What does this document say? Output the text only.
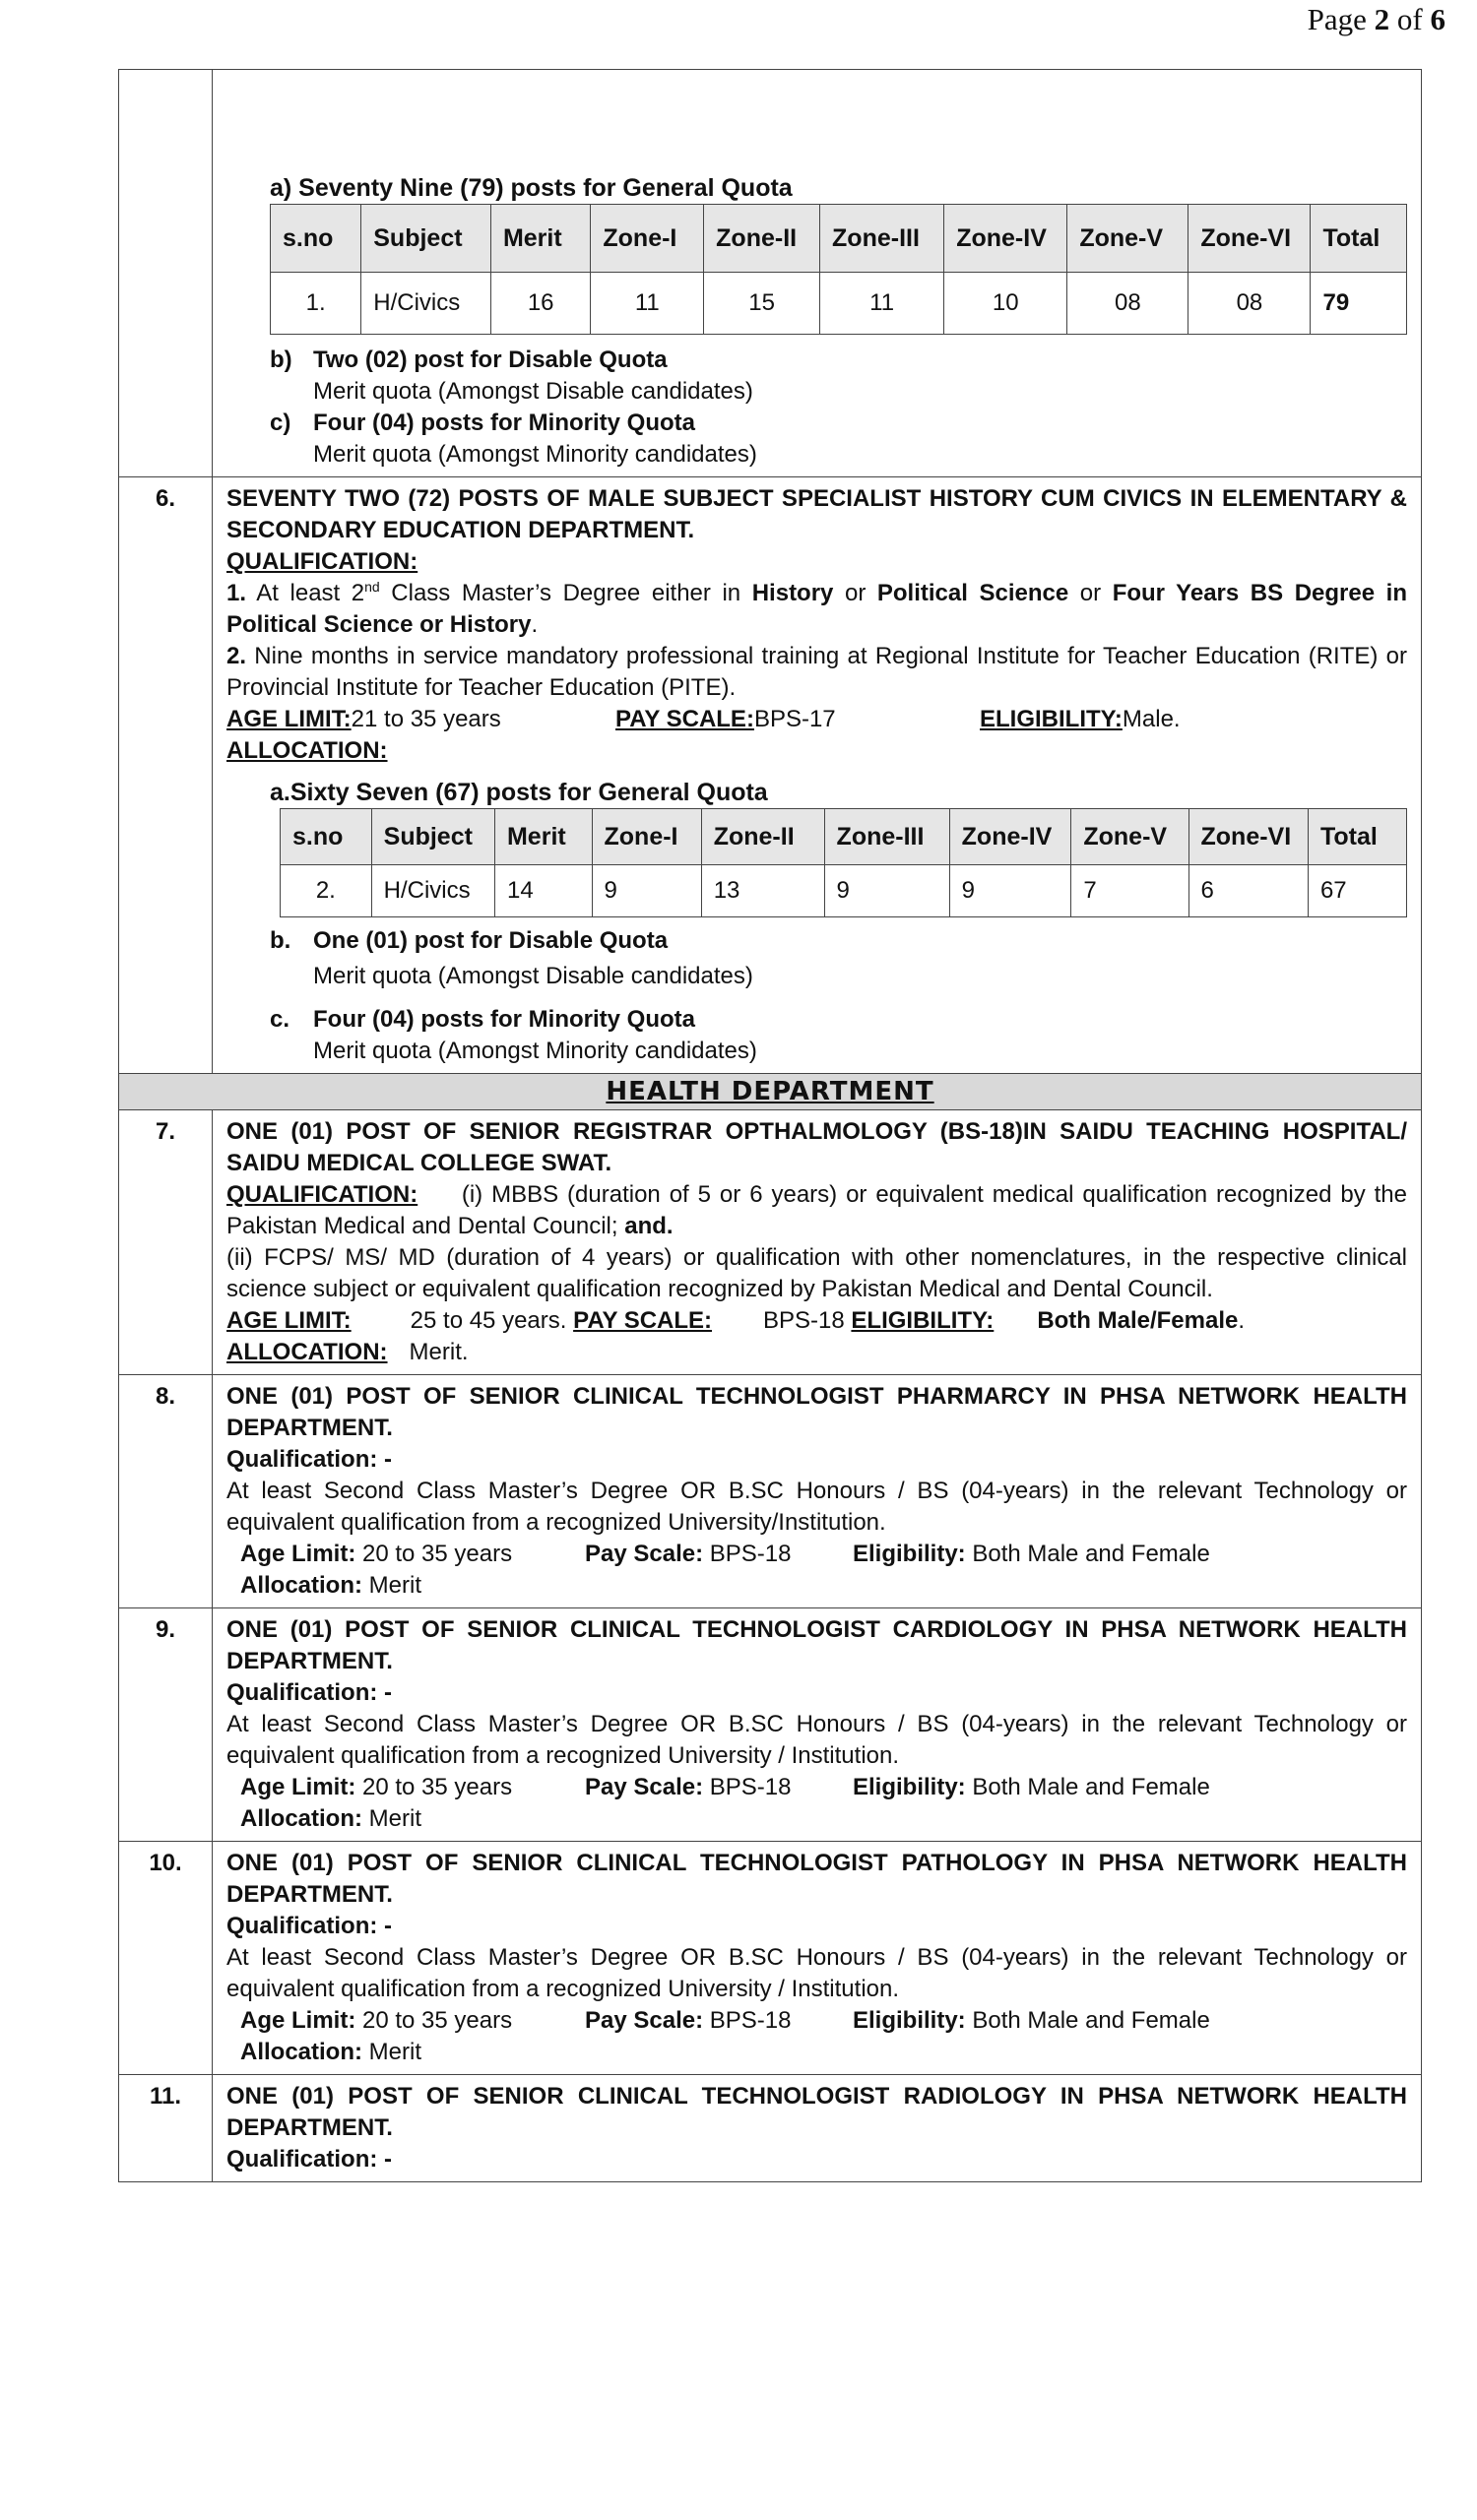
Page 2 of 6

a) Seventy Nine (79) posts for General Quota
s.no	Subject	Merit	Zone-I	Zone-II	Zone-III	Zone-IV	Zone-V	Zone-VI	Total
1.	H/Civics	16	11	15	11	10	08	08	79
b) Two (02) post for Disable Quota
Merit quota (Amongst Disable candidates)
c) Four (04) posts for Minority Quota
Merit quota (Amongst Minority candidates)

6.	SEVENTY TWO (72) POSTS OF MALE SUBJECT SPECIALIST HISTORY CUM CIVICS IN ELEMENTARY & SECONDARY EDUCATION DEPARTMENT.
QUALIFICATION:
1. At least 2nd Class Master’s Degree either in History or Political Science or Four Years BS Degree in Political Science or History.
2. Nine months in service mandatory professional training at Regional Institute for Teacher Education (RITE) or Provincial Institute for Teacher Education (PITE).
AGE LIMIT:21 to 35 years	PAY SCALE:BPS-17	ELIGIBILITY:Male.
ALLOCATION:
a.Sixty Seven (67) posts for General Quota
s.no	Subject	Merit	Zone-I	Zone-II	Zone-III	Zone-IV	Zone-V	Zone-VI	Total
2.	H/Civics	14	9	13	9	9	7	6	67
b. One (01) post for Disable Quota
Merit quota (Amongst Disable candidates)
c. Four (04) posts for Minority Quota
Merit quota (Amongst Minority candidates)

HEALTH DEPARTMENT
7.	ONE (01) POST OF SENIOR REGISTRAR OPTHALMOLOGY (BS-18)IN SAIDU TEACHING HOSPITAL/ SAIDU MEDICAL COLLEGE SWAT.
QUALIFICATION:     (i) MBBS (duration of 5 or 6 years) or equivalent medical qualification recognized by the Pakistan Medical and Dental Council; and.
(ii) FCPS/ MS/ MD (duration of 4 years) or qualification with other nomenclatures, in the respective clinical science subject or equivalent qualification recognized by Pakistan Medical and Dental Council.
AGE LIMIT:	25 to 45 years. PAY SCALE: BPS-18 ELIGIBILITY: Both Male/Female.
ALLOCATION: Merit.

8.	ONE (01) POST OF SENIOR CLINICAL TECHNOLOGIST PHARMARCY IN PHSA NETWORK HEALTH DEPARTMENT.
Qualification: -
At least Second Class Master’s Degree OR B.SC Honours / BS (04-years) in the relevant Technology or equivalent qualification from a recognized University/Institution.
Age Limit: 20 to 35 years	Pay Scale: BPS-18	Eligibility: Both Male and Female
Allocation: Merit

9.	ONE (01) POST OF SENIOR CLINICAL TECHNOLOGIST CARDIOLOGY IN PHSA NETWORK HEALTH DEPARTMENT.
Qualification: -
At least Second Class Master’s Degree OR B.SC Honours / BS (04-years) in the relevant Technology or equivalent qualification from a recognized University / Institution.
Age Limit: 20 to 35 years	Pay Scale: BPS-18	Eligibility: Both Male and Female
Allocation: Merit

10.	ONE (01) POST OF SENIOR CLINICAL TECHNOLOGIST PATHOLOGY IN PHSA NETWORK HEALTH DEPARTMENT.
Qualification: -
At least Second Class Master’s Degree OR B.SC Honours / BS (04-years) in the relevant Technology or equivalent qualification from a recognized University / Institution.
Age Limit: 20 to 35 years	Pay Scale: BPS-18	Eligibility: Both Male and Female
Allocation: Merit

11.	ONE (01) POST OF SENIOR CLINICAL TECHNOLOGIST RADIOLOGY IN PHSA NETWORK HEALTH DEPARTMENT.
Qualification: -
